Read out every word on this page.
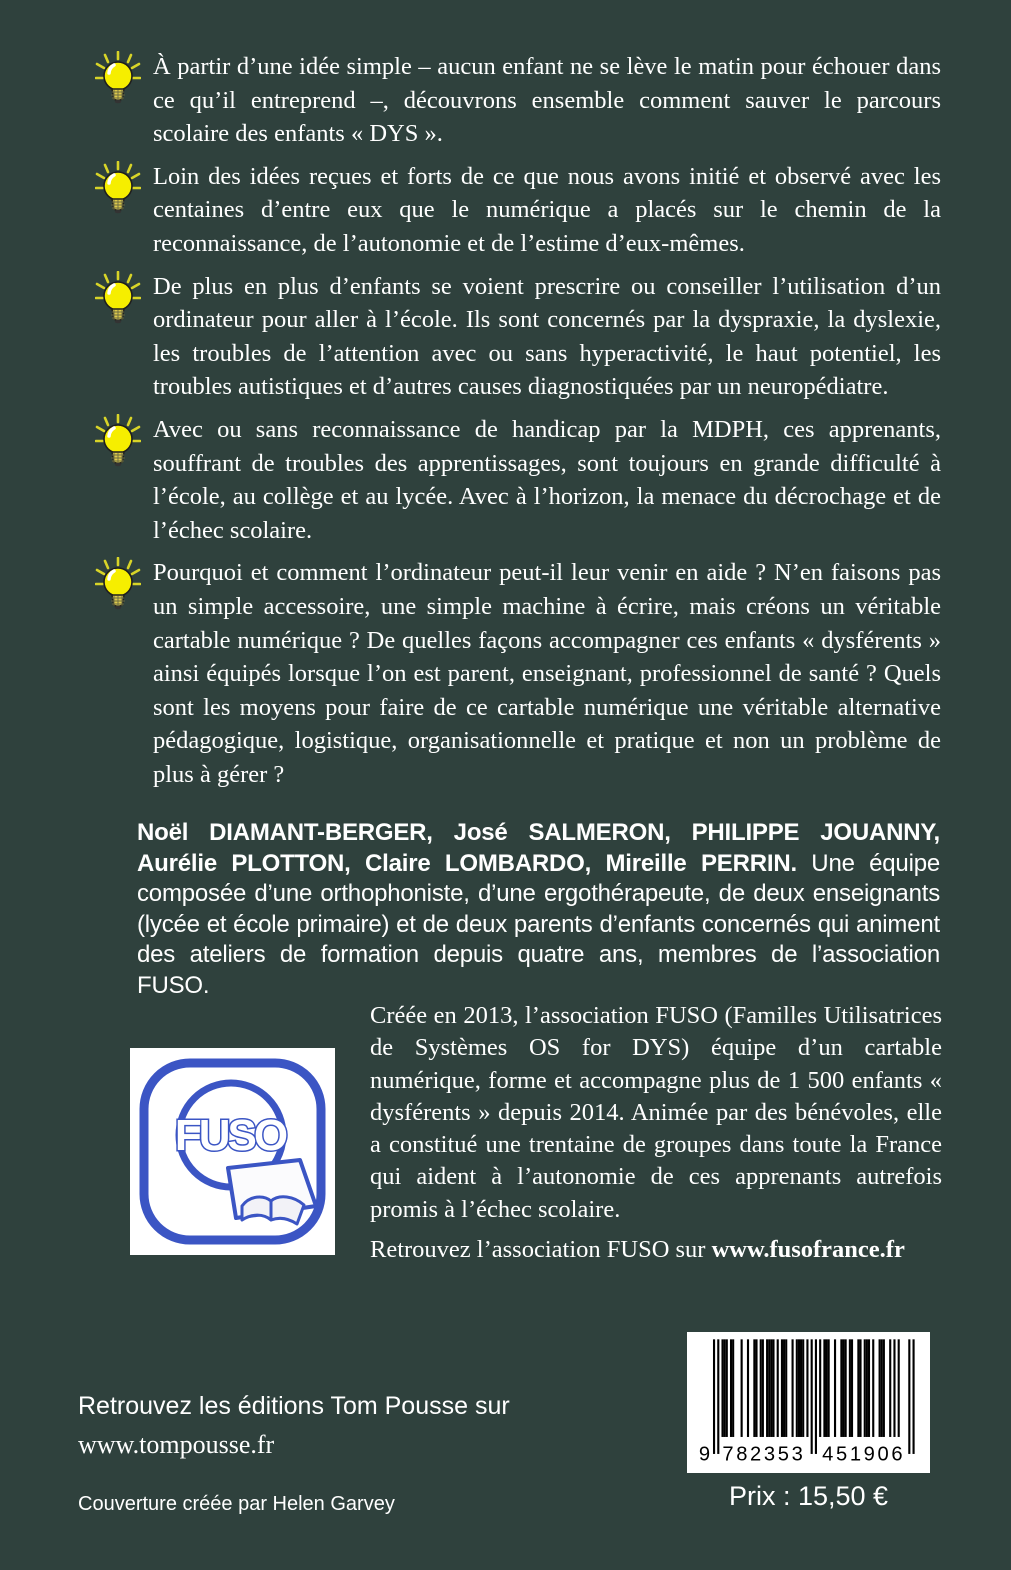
À partir d’une idée simple – aucun enfant ne se lève le matin pour échouer dans ce qu’il entreprend –, découvrons ensemble comment sauver le parcours scolaire des enfants « DYS ».

Loin des idées reçues et forts de ce que nous avons initié et observé avec les centaines d’entre eux que le numérique a placés sur le chemin de la reconnaissance, de l’autonomie et de l’estime d’eux-mêmes.

De plus en plus d’enfants se voient prescrire ou conseiller l’utilisation d’un ordinateur pour aller à l’école. Ils sont concernés par la dyspraxie, la dyslexie, les troubles de l’attention avec ou sans hyperactivité, le haut potentiel, les troubles autistiques et d’autres causes diagnostiquées par un neuropédiatre.

Avec ou sans reconnaissance de handicap par la MDPH, ces apprenants, souffrant de troubles des apprentissages, sont toujours en grande difficulté à l’école, au collège et au lycée. Avec à l’horizon, la menace du décrochage et de l’échec scolaire.

Pourquoi et comment l’ordinateur peut-il leur venir en aide ? N’en faisons pas un simple accessoire, une simple machine à écrire, mais créons un véritable cartable numérique ? De quelles façons accompagner ces enfants « dysférents » ainsi équipés lorsque l’on est parent, enseignant, professionnel de santé ? Quels sont les moyens pour faire de ce cartable numérique une véritable alternative pédagogique, logistique, organisationnelle et pratique et non un problème de plus à gérer ?

Noël DIAMANT-BERGER, José SALMERON, PHILIPPE JOUANNY, Aurélie PLOTTON, Claire LOMBARDO, Mireille PERRIN. Une équipe composée d’une orthophoniste, d’une ergothérapeute, de deux enseignants (lycée et école primaire) et de deux parents d’enfants concernés qui animent des ateliers de formation depuis quatre ans, membres de l’association FUSO.

FUSO

Créée en 2013, l’association FUSO (Familles Utilisatrices de Systèmes OS for DYS) équipe d’un cartable numérique, forme et accompagne plus de 1 500 enfants « dysférents » depuis 2014. Animée par des bénévoles, elle a constitué une trentaine de groupes dans toute la France qui aident à l’autonomie de ces apprenants autrefois promis à l’échec scolaire.

Retrouvez l’association FUSO sur www.fusofrance.fr

Retrouvez les éditions Tom Pousse sur

www.tompousse.fr

Couverture créée par Helen Garvey

9 782353 451906

Prix : 15,50 €
